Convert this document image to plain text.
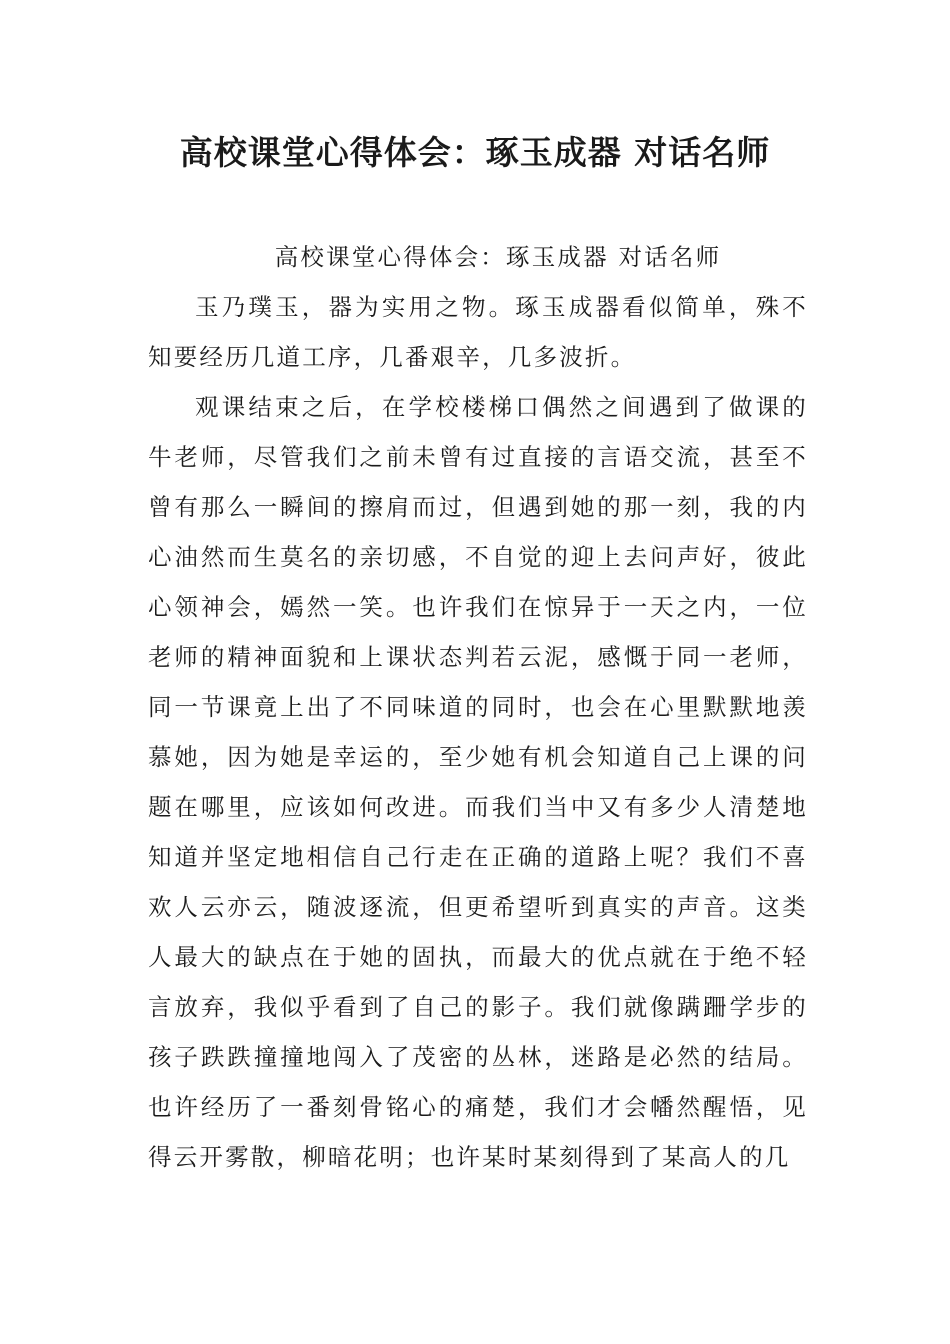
高校课堂心得体会：琢玉成器 对话名师

高校课堂心得体会：琢玉成器 对话名师

玉乃璞玉，器为实用之物。琢玉成器看似简单，殊不知要经历几道工序，几番艰辛，几多波折。

观课结束之后，在学校楼梯口偶然之间遇到了做课的牛老师，尽管我们之前未曾有过直接的言语交流，甚至不曾有那么一瞬间的擦肩而过，但遇到她的那一刻，我的内心油然而生莫名的亲切感，不自觉的迎上去问声好，彼此心领神会，嫣然一笑。也许我们在惊异于一天之内，一位老师的精神面貌和上课状态判若云泥，感慨于同一老师，同一节课竟上出了不同味道的同时，也会在心里默默地羡慕她，因为她是幸运的，至少她有机会知道自己上课的问题在哪里，应该如何改进。而我们当中又有多少人清楚地知道并坚定地相信自己行走在正确的道路上呢？我们不喜欢人云亦云，随波逐流，但更希望听到真实的声音。这类人最大的缺点在于她的固执，而最大的优点就在于绝不轻言放弃，我似乎看到了自己的影子。我们就像蹒跚学步的孩子跌跌撞撞地闯入了茂密的丛林，迷路是必然的结局。也许经历了一番刻骨铭心的痛楚，我们才会幡然醒悟，见得云开雾散，柳暗花明；也许某时某刻得到了某高人的几
